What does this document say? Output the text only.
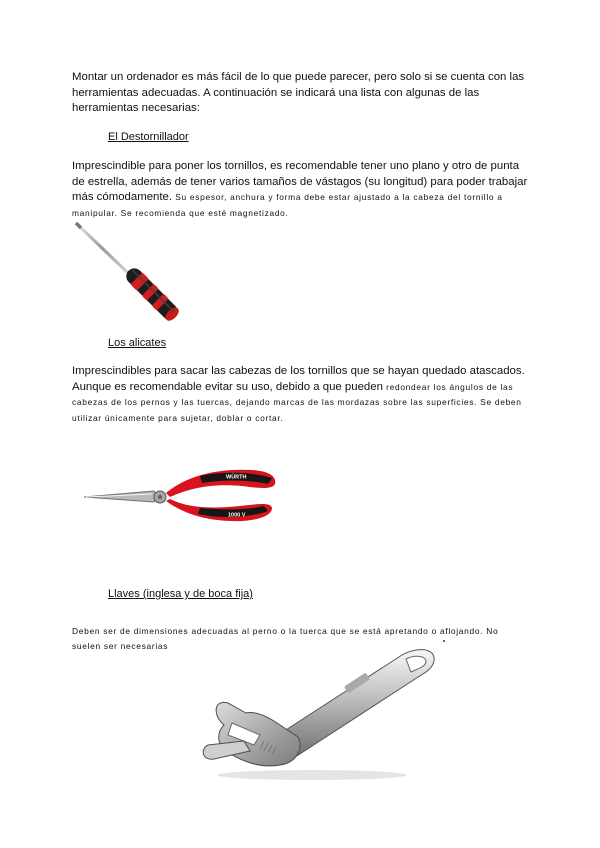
Montar un ordenador es más fácil de lo que puede parecer, pero solo si se cuenta con las herramientas adecuadas. A continuación se indicará una lista con algunas de las herramientas necesarias:

El Destornillador

Imprescindible para poner los tornillos, es recomendable tener uno plano y otro de punta de estrella, además de tener varios tamaños de vástagos (su longitud) para poder trabajar más cómodamente. Su espesor, anchura y forma debe estar ajustado a la cabeza del tornillo a manipular. Se recomienda que esté magnetizado.

Los alicates

Imprescindibles para sacar las cabezas de los tornillos que se hayan quedado atascados. Aunque es recomendable evitar su uso, debido a que pueden redondear los ángulos de las cabezas de los pernos y las tuercas, dejando marcas de las mordazas sobre las superficies. Se deben utilizar únicamente para sujetar, doblar o cortar.

WÜRTH
1000 V
Llaves (inglesa y de boca fija)

Deben ser de dimensiones adecuadas al perno o la tuerca que se está apretando o aflojando. No suelen ser necesarias
